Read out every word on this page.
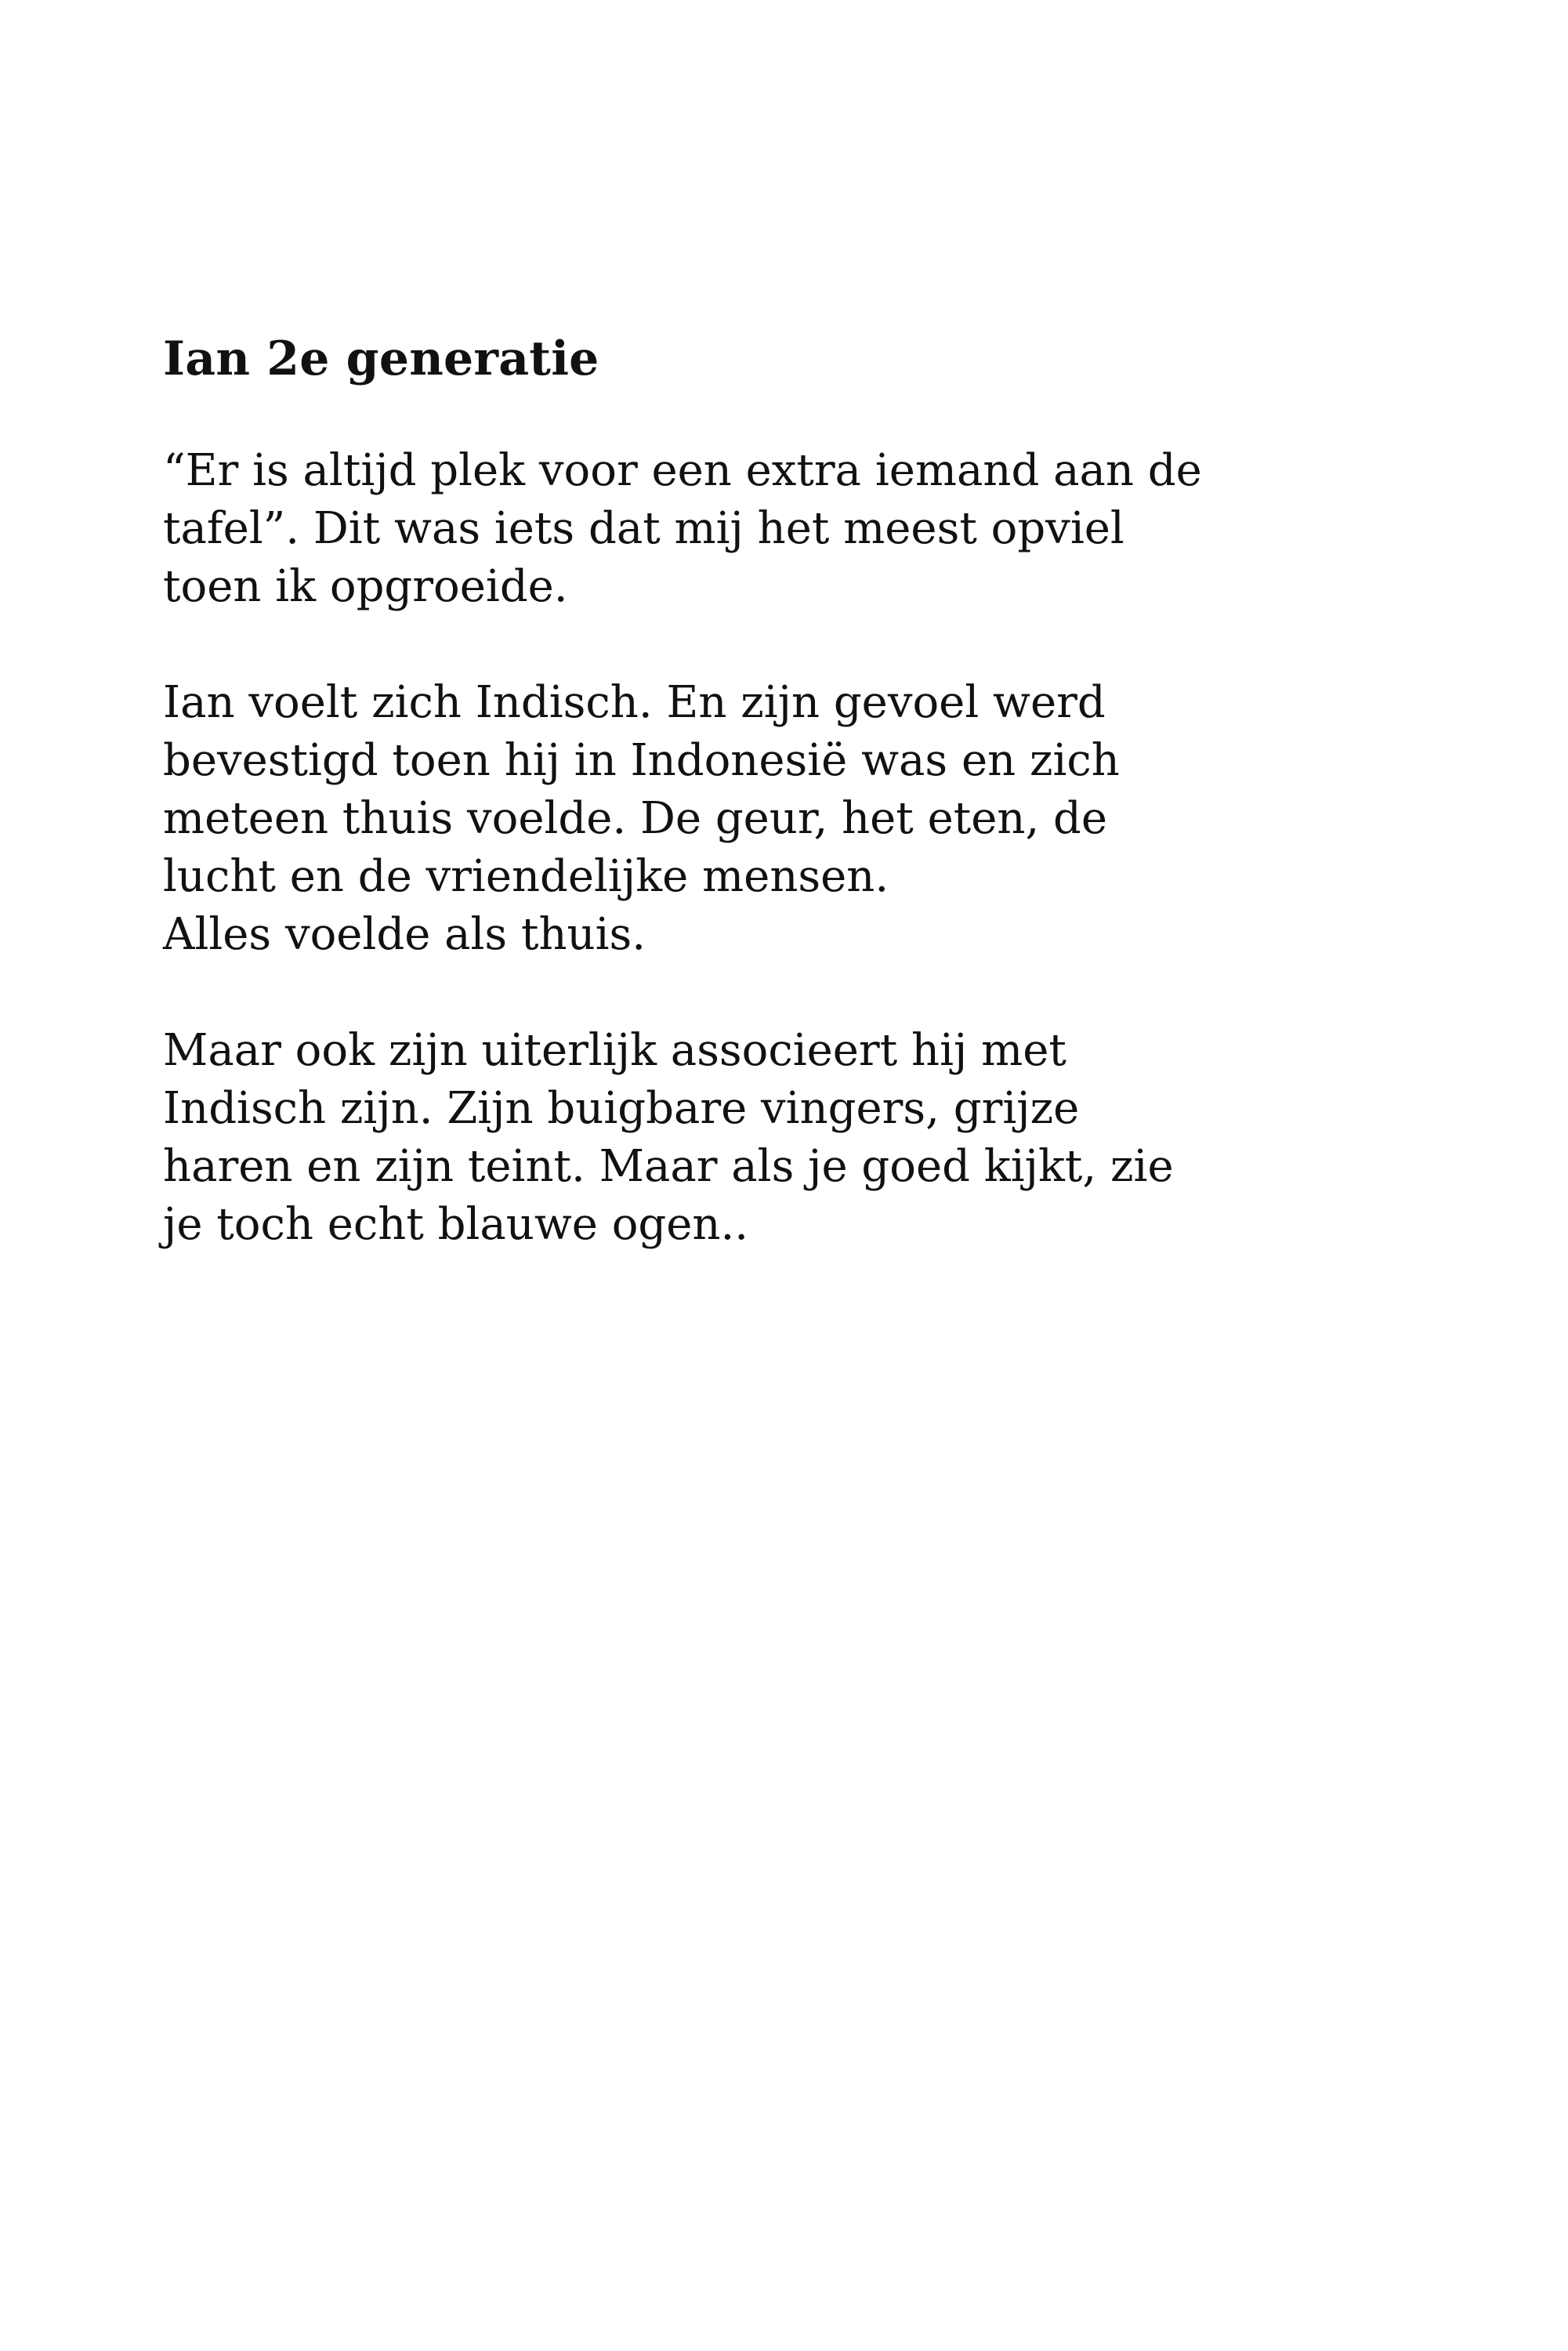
Ian 2e generatie

“Er is altijd plek voor een extra iemand aan de
tafel”. Dit was iets dat mij het meest opviel
toen ik opgroeide.

Ian voelt zich Indisch. En zijn gevoel werd
bevestigd toen hij in Indonesië was en zich
meteen thuis voelde. De geur, het eten, de
lucht en de vriendelijke mensen.
Alles voelde als thuis.

Maar ook zijn uiterlijk associeert hij met
Indisch zijn. Zijn buigbare vingers, grijze
haren en zijn teint. Maar als je goed kijkt, zie
je toch echt blauwe ogen..
